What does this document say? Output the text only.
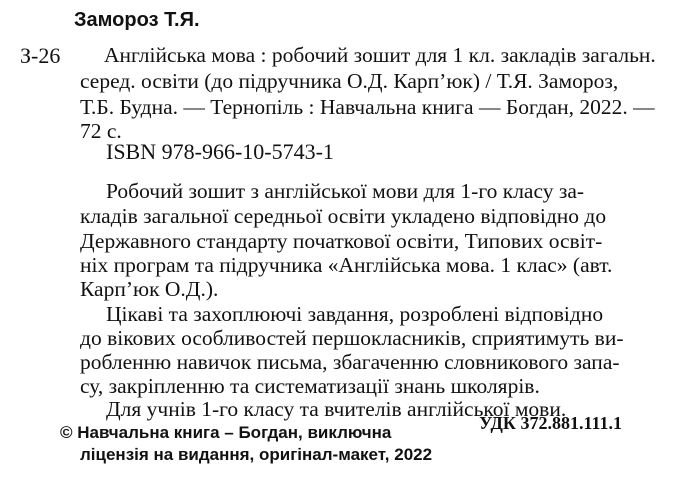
Замороз Т.Я.
З-26 Англійська мова : робочий зошит для 1 кл. закладів загальн.
серед. освіти (до підручника О.Д. Карп’юк) / Т.Я. Замороз,
Т.Б. Будна. — Тернопіль : Навчальна книга — Богдан, 2022. —
72 с.
ISBN 978-966-10-5743-1
Робочий зошит з англійської мови для 1-го класу за-
кладів загальної середньої освіти укладено відповідно до
Державного стандарту початкової освіти, Типових освіт-
ніх програм та підручника «Англійська мова. 1 клас» (авт.
Карп’юк О.Д.).
Цікаві та захоплюючі завдання, розроблені відповідно
до вікових особливостей першокласників, сприятимуть ви-
робленню навичок письма, збагаченню словникового запа-
су, закріпленню та систематизації знань школярів.
Для учнів 1-го класу та вчителів англійської мови.
УДК 372.881.111.1
© Навчальна книга – Богдан, виключна
ліцензія на видання, оригінал-макет, 2022
